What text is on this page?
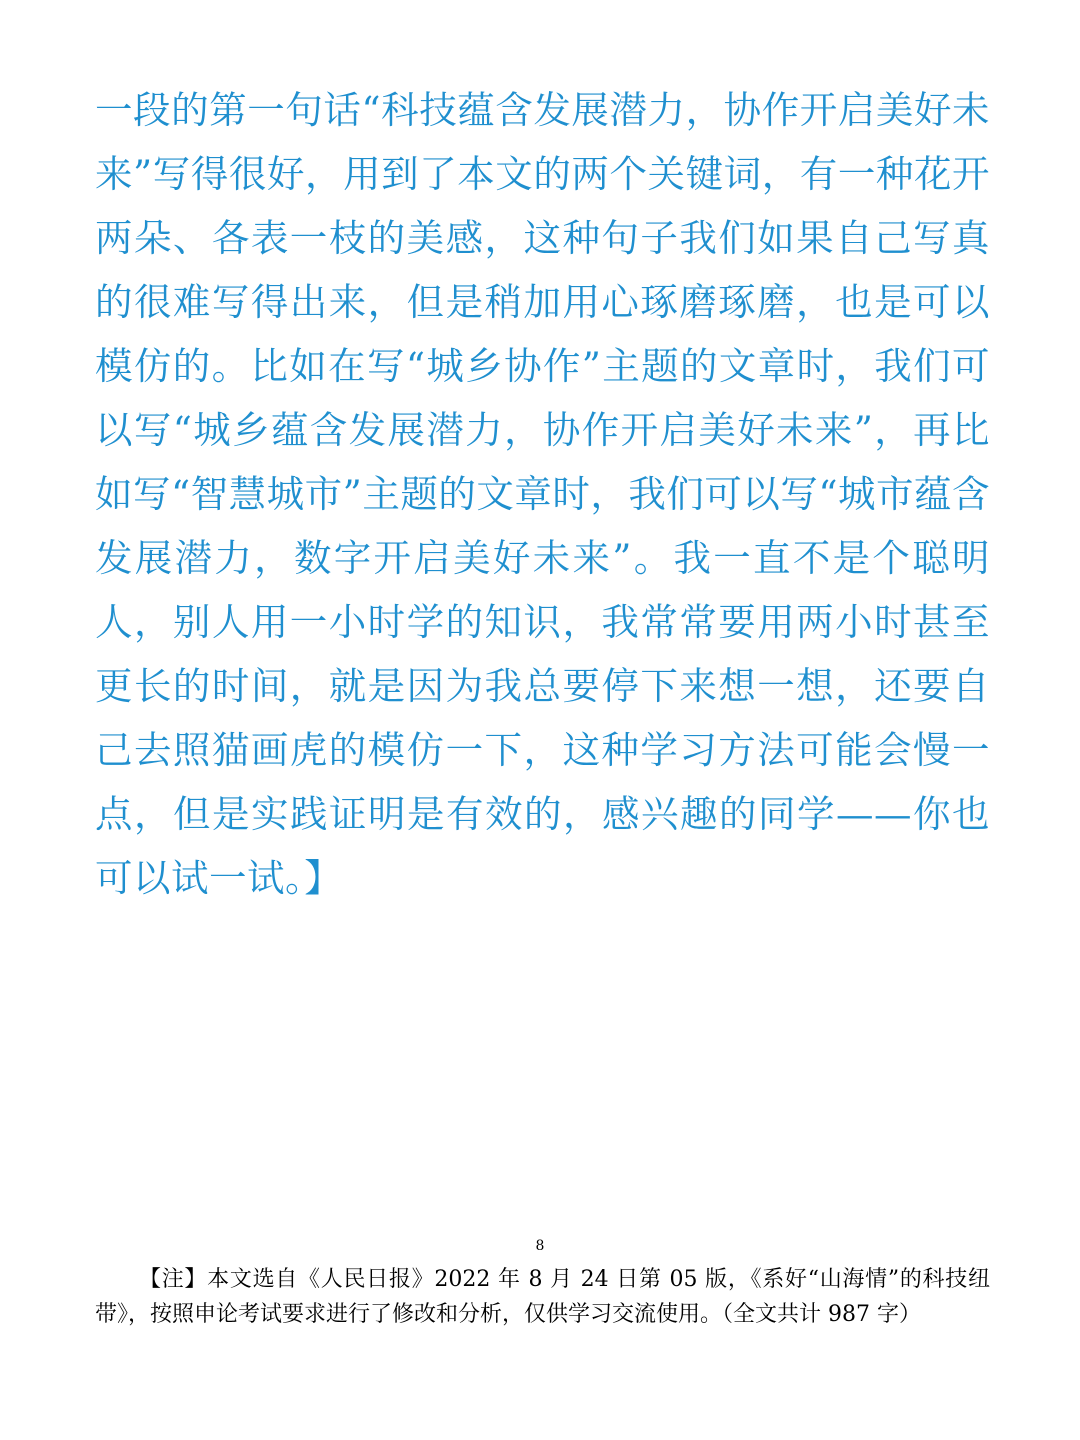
一段的第一句话“科技蕴含发展潜力，协作开启美好未来”写得很好，用到了本文的两个关键词，有一种花开两朵、各表一枝的美感，这种句子我们如果自己写真的很难写得出来，但是稍加用心琢磨琢磨，也是可以模仿的。比如在写“城乡协作”主题的文章时，我们可以写“城乡蕴含发展潜力，协作开启美好未来”，再比如写“智慧城市”主题的文章时，我们可以写“城市蕴含发展潜力，数字开启美好未来”。我一直不是个聪明人，别人用一小时学的知识，我常常要用两小时甚至更长的时间，就是因为我总要停下来想一想，还要自己去照猫画虎的模仿一下，这种学习方法可能会慢一点，但是实践证明是有效的，感兴趣的同学——你也可以试一试。】

8

【注】本文选自《人民日报》2022 年 8 月 24 日第 05 版，《系好“山海情”的科技纽带》，按照申论考试要求进行了修改和分析，仅供学习交流使用。（全文共计 987 字）
